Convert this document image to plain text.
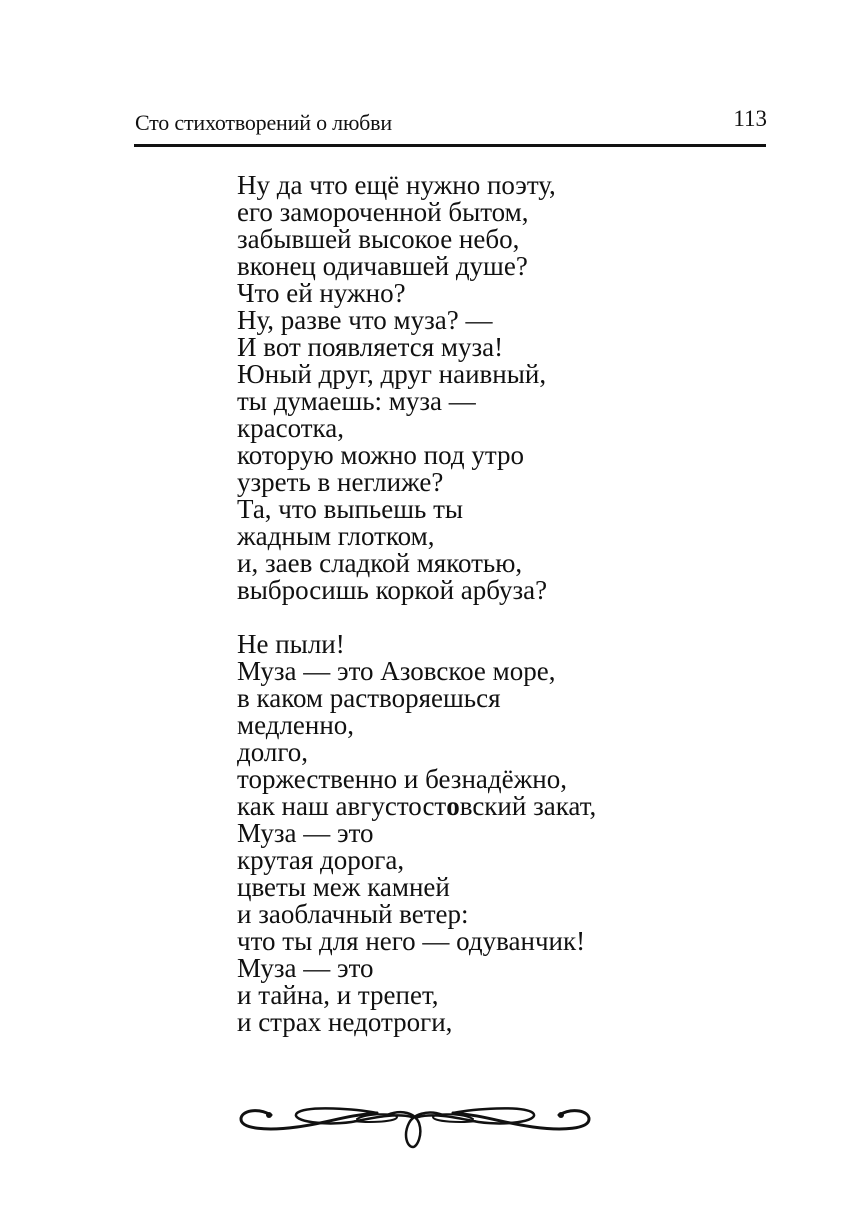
Сто стихотворений о любви	113
Ну да что ещё нужно поэту,
его замороченной бытом,
забывшей высокое небо,
вконец одичавшей душе?
Что ей нужно?
Ну, разве что муза? —
И вот появляется муза!
Юный друг, друг наивный,
ты думаешь: муза —
красотка,
которую можно под утро
узреть в неглиже?
Та, что выпьешь ты
жадным глотком,
и, заев сладкой мякотью,
выбросишь коркой арбуза?
Не пыли!
Муза — это Азовское море,
в каком растворяешься
медленно,
долго,
торжественно и безнадёжно,
как наш августостовский закат,
Муза — это
крутая дорога,
цветы меж камней
и заоблачный ветер:
что ты для него — одуванчик!
Муза — это
и тайна, и трепет,
и страх недотроги,
